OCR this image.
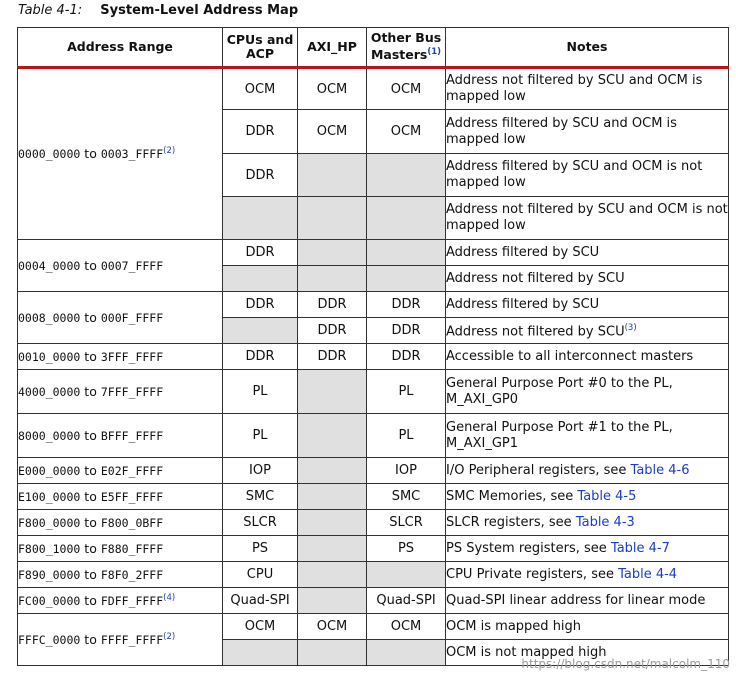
Table 4-1: System-Level Address Map
Address Range	CPUs and ACP	AXI_HP	Other Bus Masters$^{(1)}$	Notes
0000_0000 to 0003_FFFF$^{(2)}$	OCM	OCM	OCM	Address not filtered by SCU and OCM is mapped low
	DDR	OCM	OCM	Address filtered by SCU and OCM is mapped low
	DDR			Address filtered by SCU and OCM is not mapped low
				Address not filtered by SCU and OCM is not mapped low
0004_0000 to 0007_FFFF	DDR			Address filtered by SCU
				Address not filtered by SCU
0008_0000 to 000F_FFFF	DDR	DDR	DDR	Address filtered by SCU
		DDR	DDR	Address not filtered by SCU$^{(3)}$
0010_0000 to 3FFF_FFFF	DDR	DDR	DDR	Accessible to all interconnect masters
4000_0000 to 7FFF_FFFF	PL		PL	General Purpose Port #0 to the PL, M_AXI_GP0
8000_0000 to BFFF_FFFF	PL		PL	General Purpose Port #1 to the PL, M_AXI_GP1
E000_0000 to E02F_FFFF	IOP		IOP	I/O Peripheral registers, see Table 4-6
E100_0000 to E5FF_FFFF	SMC		SMC	SMC Memories, see Table 4-5
F800_0000 to F800_0BFF	SLCR		SLCR	SLCR registers, see Table 4-3
F800_1000 to F880_FFFF	PS		PS	PS System registers, see Table 4-7
F890_0000 to F8F0_2FFF	CPU			CPU Private registers, see Table 4-4
FC00_0000 to FDFF_FFFF$^{(4)}$	Quad-SPI		Quad-SPI	Quad-SPI linear address for linear mode
FFFC_0000 to FFFF_FFFF$^{(2)}$	OCM	OCM	OCM	OCM is mapped high
				OCM is not mapped high
https://blog.csdn.net/malcolm_110
